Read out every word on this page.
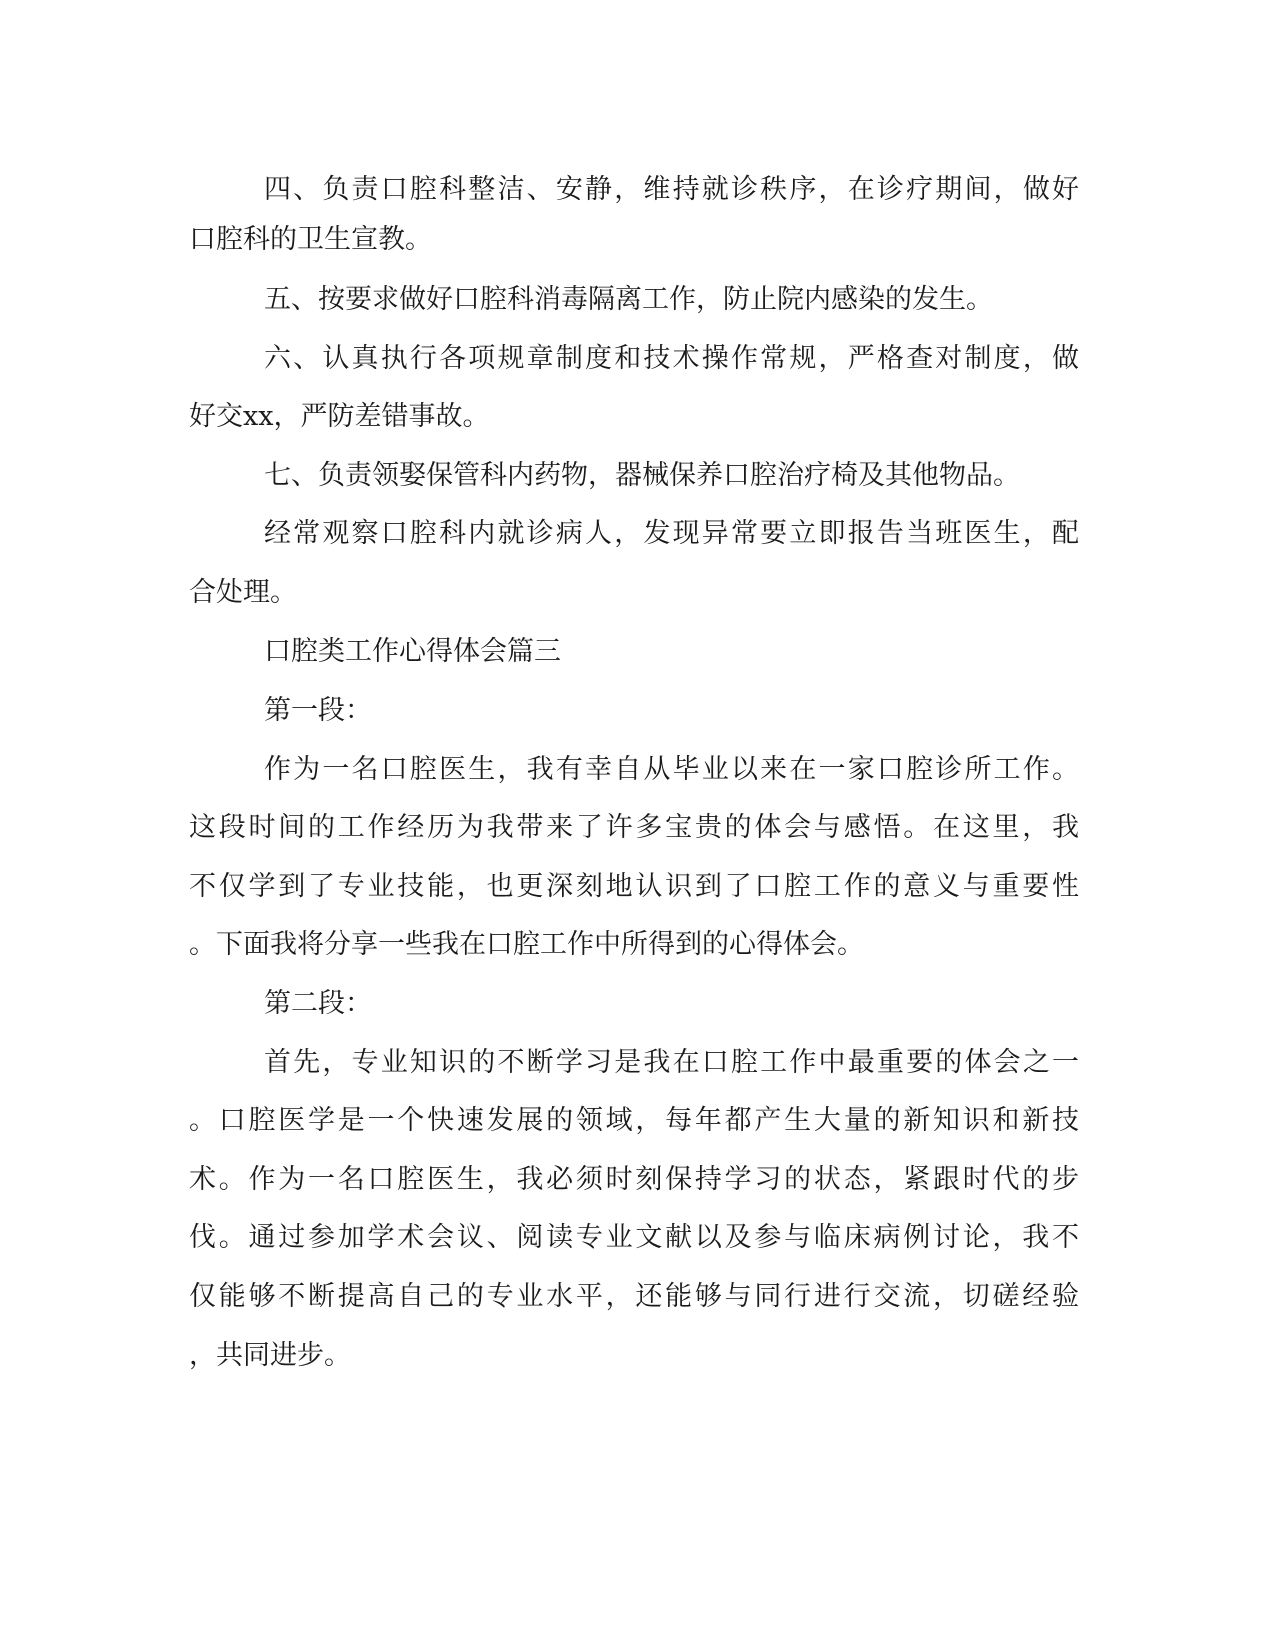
四、负责口腔科整洁、安静，维持就诊秩序，在诊疗期间，做好
口腔科的卫生宣教。
五、按要求做好口腔科消毒隔离工作，防止院内感染的发生。
六、认真执行各项规章制度和技术操作常规，严格查对制度，做
好交xx，严防差错事故。
七、负责领娶保管科内药物，器械保养口腔治疗椅及其他物品。
经常观察口腔科内就诊病人，发现异常要立即报告当班医生，配
合处理。
口腔类工作心得体会篇三
第一段：
作为一名口腔医生，我有幸自从毕业以来在一家口腔诊所工作。
这段时间的工作经历为我带来了许多宝贵的体会与感悟。在这里，我
不仅学到了专业技能，也更深刻地认识到了口腔工作的意义与重要性
。下面我将分享一些我在口腔工作中所得到的心得体会。
第二段：
首先，专业知识的不断学习是我在口腔工作中最重要的体会之一
。口腔医学是一个快速发展的领域，每年都产生大量的新知识和新技
术。作为一名口腔医生，我必须时刻保持学习的状态，紧跟时代的步
伐。通过参加学术会议、阅读专业文献以及参与临床病例讨论，我不
仅能够不断提高自己的专业水平，还能够与同行进行交流，切磋经验
，共同进步。
